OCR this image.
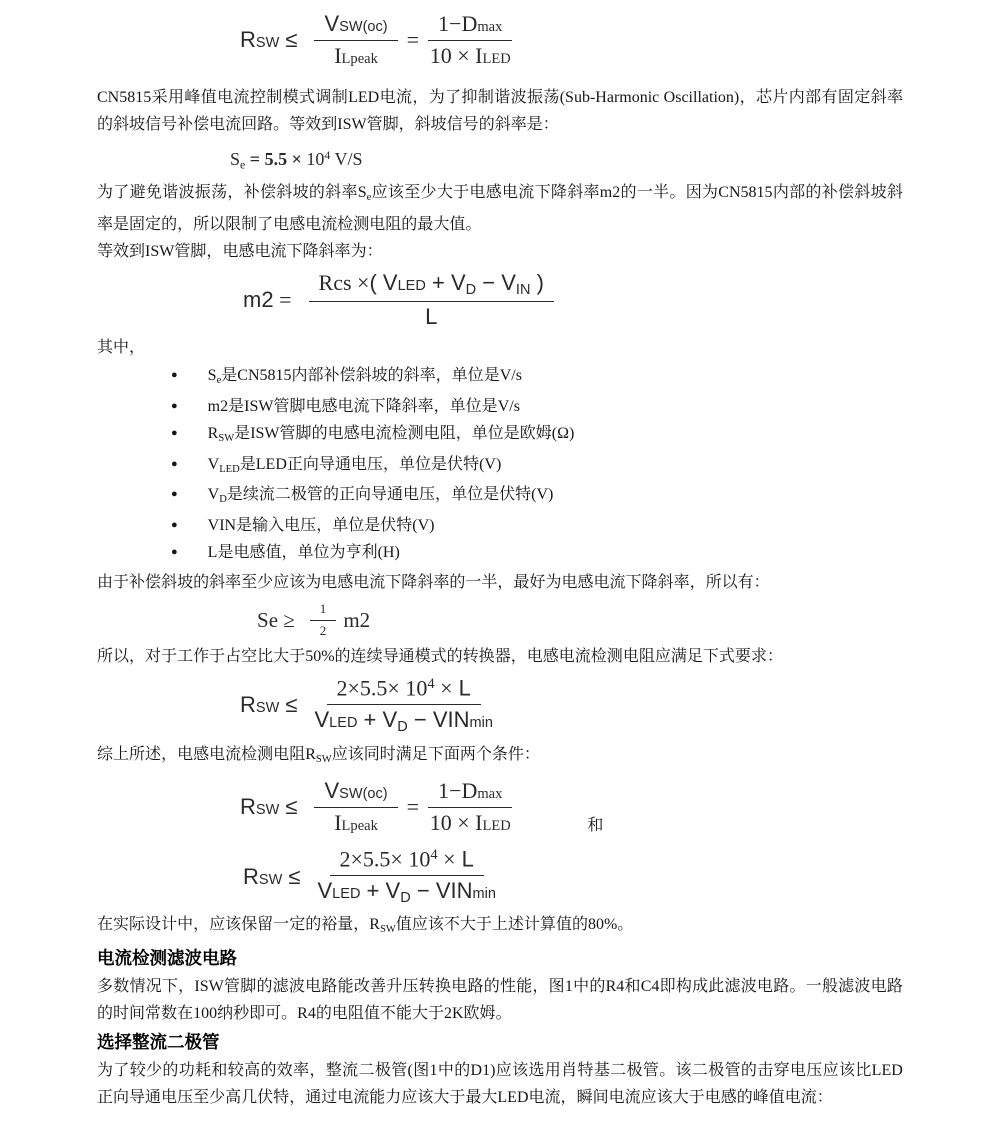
RSW ≤ $\frac{\text{VSW(oc)}}{\text{ILpeak}} = \frac{1-Dmax}{\text{10 × ILED}}$

CN5815采用峰值电流控制模式调制LED电流，为了抑制谐波振荡(Sub-Harmonic Oscillation)，芯片内部有固定斜率的斜坡信号补偿电流回路。等效到ISW管脚，斜坡信号的斜率是：

$Se = 5.5 \times 10^4$ V/S

为了避免谐波振荡，补偿斜坡的斜率Se应该至少大于电感电流下降斜率m2的一半。因为CN5815内部的补偿斜坡斜率是固定的，所以限制了电感电流检测电阻的最大值。

等效到ISW管脚，电感电流下降斜率为：

$m2 = \frac{\text{Rcs ×( VLED + VD − VIN )}}{L}$

其中，

● Se是CN5815内部补偿斜坡的斜率，单位是V/s
● m2是ISW管脚电感电流下降斜率，单位是V/s
● RSW是ISW管脚的电感电流检测电阻，单位是欧姆(Ω)
● VLED是LED正向导通电压，单位是伏特(V)
● VD是续流二极管的正向导通电压，单位是伏特(V)
● VIN是输入电压，单位是伏特(V)
● L是电感值，单位为亨利(H)

由于补偿斜坡的斜率至少应该为电感电流下降斜率的一半，最好为电感电流下降斜率，所以有：

$Se \ge \frac{1}{2} m2$

所以，对于工作于占空比大于50%的连续导通模式的转换器，电感电流检测电阻应满足下式要求：

RSW ≤ $\frac{2\times 5.5\times 10^4 \times L}{\text{VLED + VD − VINmin}}$

综上所述，电感电流检测电阻RSW应该同时满足下面两个条件：

RSW ≤ $\frac{\text{VSW(oc)}}{\text{ILpeak}} = \frac{1-Dmax}{\text{10 × ILED}}$	和
RSW ≤ $\frac{2\times 5.5\times 10^4 \times L}{\text{VLED + VD − VINmin}}$

在实际设计中，应该保留一定的裕量，RSW值应该不大于上述计算值的80%。

电流检测滤波电路

多数情况下，ISW管脚的滤波电路能改善升压转换电路的性能，图1中的R4和C4即构成此滤波电路。一般滤波电路的时间常数在100纳秒即可。R4的电阻值不能大于2K欧姆。

选择整流二极管

为了较少的功耗和较高的效率，整流二极管(图1中的D1)应该选用肖特基二极管。该二极管的击穿电压应该比LED正向导通电压至少高几伏特，通过电流能力应该大于最大LED电流，瞬间电流应该大于电感的峰值电流：
